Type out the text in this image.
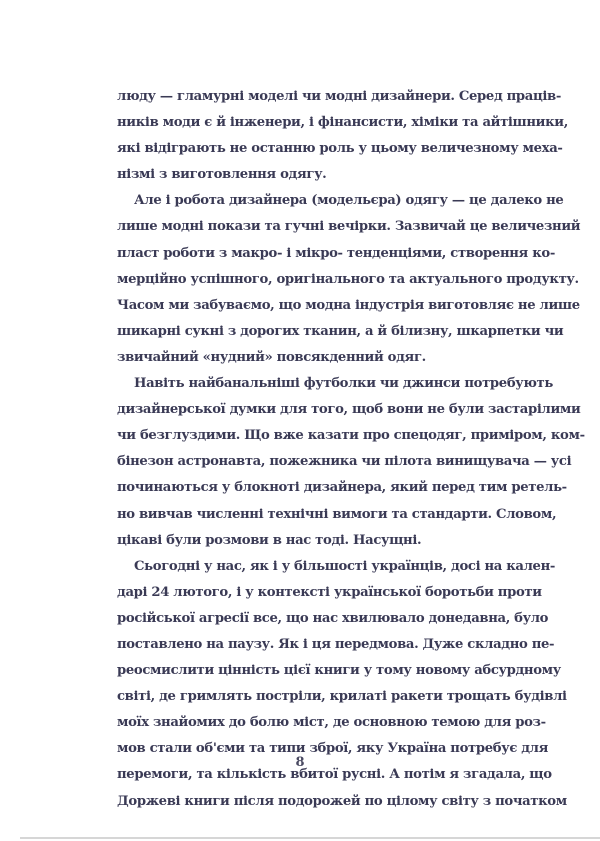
люду — гламурні моделі чи модні дизайнери. Серед праців-
ників моди є й інженери, і фінансисти, хіміки та айтішники,
які відіграють не останню роль у цьому величезному меха-
нізмі з виготовлення одягу.
Але і робота дизайнера (модельєра) одягу — це далеко не
лише модні покази та гучні вечірки. Зазвичай це величезний
пласт роботи з макро- і мікро- тенденціями, створення ко-
мерційно успішного, оригінального та актуального продукту.
Часом ми забуваємо, що модна індустрія виготовляє не лише
шикарні сукні з дорогих тканин, а й білизну, шкарпетки чи
звичайний «нудний» повсякденний одяг.
Навіть найбанальніші футболки чи джинси потребують
дизайнерської думки для того, щоб вони не були застарілими
чи безглуздими. Що вже казати про спецодяг, приміром, ком-
бінезон астронавта, пожежника чи пілота винищувача — усі
починаються у блокноті дизайнера, який перед тим ретель-
но вивчав численні технічні вимоги та стандарти. Словом,
цікаві були розмови в нас тоді. Насущні.
Сьогодні у нас, як і у більшості українців, досі на кален-
дарі 24 лютого, і у контексті української боротьби проти
російської агресії все, що нас хвилювало донедавна, було
поставлено на паузу. Як і ця передмова. Дуже складно пе-
реосмислити цінність цієї книги у тому новому абсурдному
світі, де гримлять постріли, крилаті ракети трощать будівлі
моїх знайомих до болю міст, де основною темою для роз-
мов стали об'єми та типи зброї, яку Україна потребує для
перемоги, та кількість вбитої русні. А потім я згадала, що
Доржеві книги після подорожей по цілому світу з початком
8
